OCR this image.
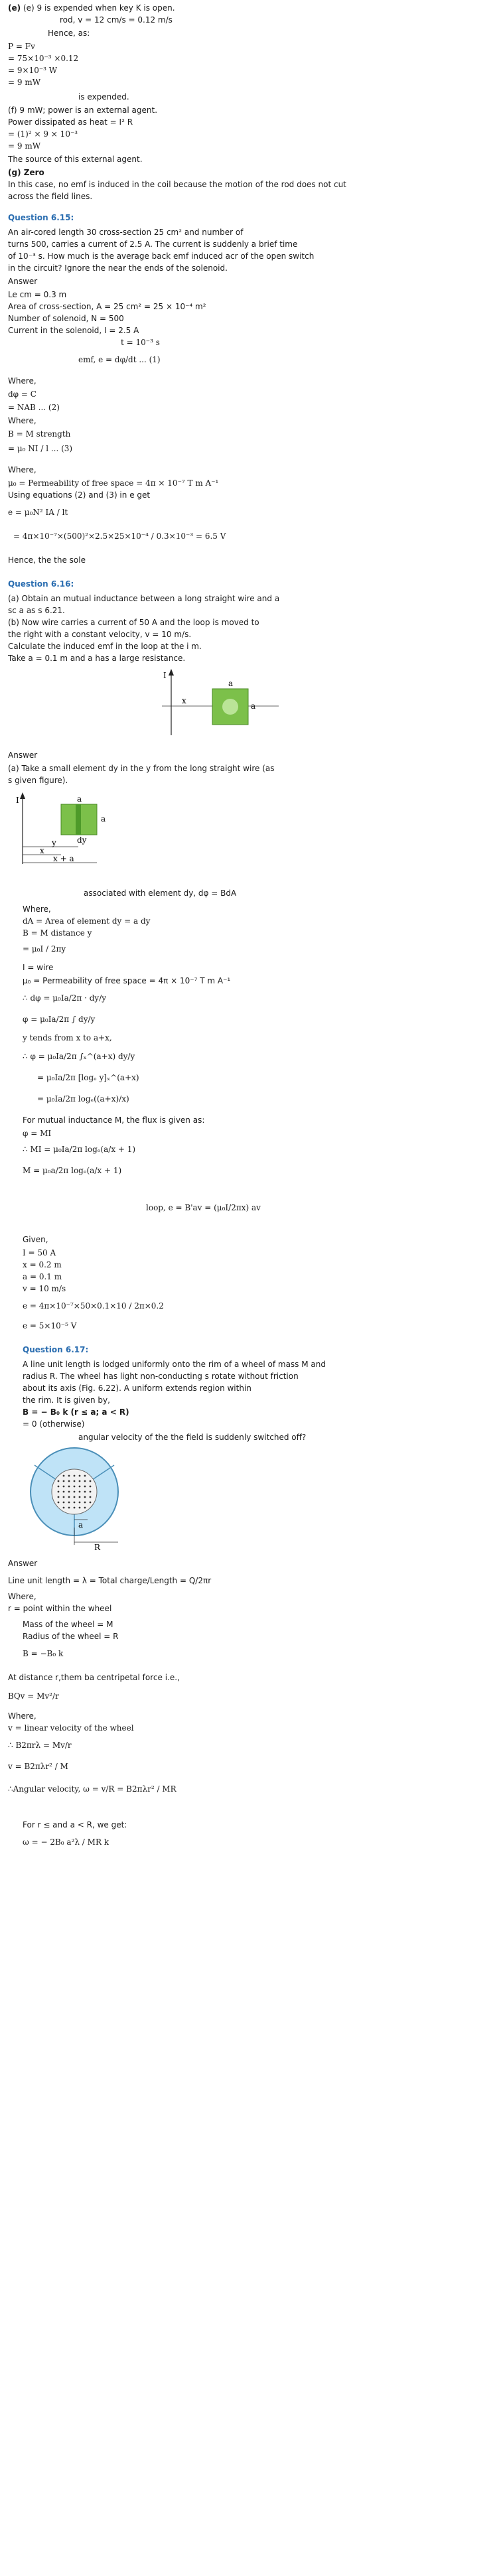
(e) (e) 9 is expended when key K is open.
rod, v = 12 cm/s = 0.12 m/s
Hence, as:
P = Fv
= 75×10⁻³ ×0.12
= 9×10⁻³ W
= 9 mW
is expended.
(f) 9 mW; power is an external agent.
Power dissipated as heat = I² R
= (1)² × 9 × 10⁻³
= 9 mW
The source of this external agent.
(g) Zero
In this case, no emf is induced in the coil because the motion of the rod does not cut
across the field lines.
Question 6.15:
An air-cored length 30 cross-section 25 cm² and number of
turns 500, carries a current of 2.5 A. The current is suddenly a brief time
of 10⁻³ s. How much is the average back emf induced acr of the open switch
in the circuit? Ignore the near the ends of the solenoid.
Answer
Le cm = 0.3 m
Area of cross-section, A = 25 cm² = 25 × 10⁻⁴ m²
Number of solenoid, N = 500
Current in the solenoid, I = 2.5 A
t = 10⁻³ s
emf, e = dφ/dt ... (1)
Where,
dφ = C
= NAB ... (2)
Where,
B = M strength
= μ₀ NI / l ... (3)
Where,
μ₀ = Permeability of free space = 4π × 10⁻⁷ T m A⁻¹
Using equations (2) and (3) in e get
e = μ₀N² IA / lt
= 4π×10⁻⁷×(500)²×2.5×25×10⁻⁴ / 0.3×10⁻³ = 6.5 V
Hence, the the sole
Question 6.16:
(a) Obtain an mutual inductance between a long straight wire and a
sc a as s 6.21.
(b) Now wire carries a current of 50 A and the loop is moved to
the right with a constant velocity, v = 10 m/s.
Calculate the induced emf in the loop at the i m.
Take a = 0.1 m and a has a large resistance.
I
x
a
a
Answer
(a) Take a small element dy in the y from the long straight wire (as
s given figure).
I	a
dy
y
a
x
x + a
associated with element dy, dφ = BdA
Where,
dA = Area of element dy = a dy
B = M distance y
= μ₀I / 2πy
I = wire
μ₀ = Permeability of free space = 4π × 10⁻⁷ T m A⁻¹
∴ dφ = μ₀Ia/2π · dy/y
φ = μ₀Ia/2π ∫ dy/y
y tends from x to a+x,
∴ φ = μ₀Ia/2π ∫ₓ^(a+x) dy/y
= μ₀Ia/2π [logₑ y]ₓ^(a+x)
= μ₀Ia/2π logₑ((a+x)/x)
For mutual inductance M, the flux is given as:
φ = MI
∴ MI = μ₀Ia/2π logₑ(a/x + 1)
M = μ₀a/2π logₑ(a/x + 1)
loop, e = B'av = (μ₀I/2πx) av
Given,
I = 50 A
x = 0.2 m
a = 0.1 m
v = 10 m/s
e = 4π×10⁻⁷×50×0.1×10 / 2π×0.2
e = 5×10⁻⁵ V
Question 6.17:
A line unit length is lodged uniformly onto the rim of a wheel of mass M and
radius R. The wheel has light non-conducting s rotate without friction
about its axis (Fig. 6.22). A uniform extends region within
the rim. It is given by,
B = − B₀ k (r ≤ a; a < R)
= 0 (otherwise)
angular velocity of the the field is suddenly switched off?
a
R
Answer
Line unit length = λ = Total charge/Length = Q/2πr
Where,
r = point within the wheel
Mass of the wheel = M
Radius of the wheel = R
B = −B₀ k
At distance r,them bа centripetal force i.e.,
BQv = Mv²/r
Where,
v = linear velocity of the wheel
∴ B2πrλ = Mv/r
v = B2πλr² / M
∴Angular velocity, ω = v/R = B2πλr² / MR
For r ≤ and a < R, we get:
ω = − 2B₀ a²λ / MR k
